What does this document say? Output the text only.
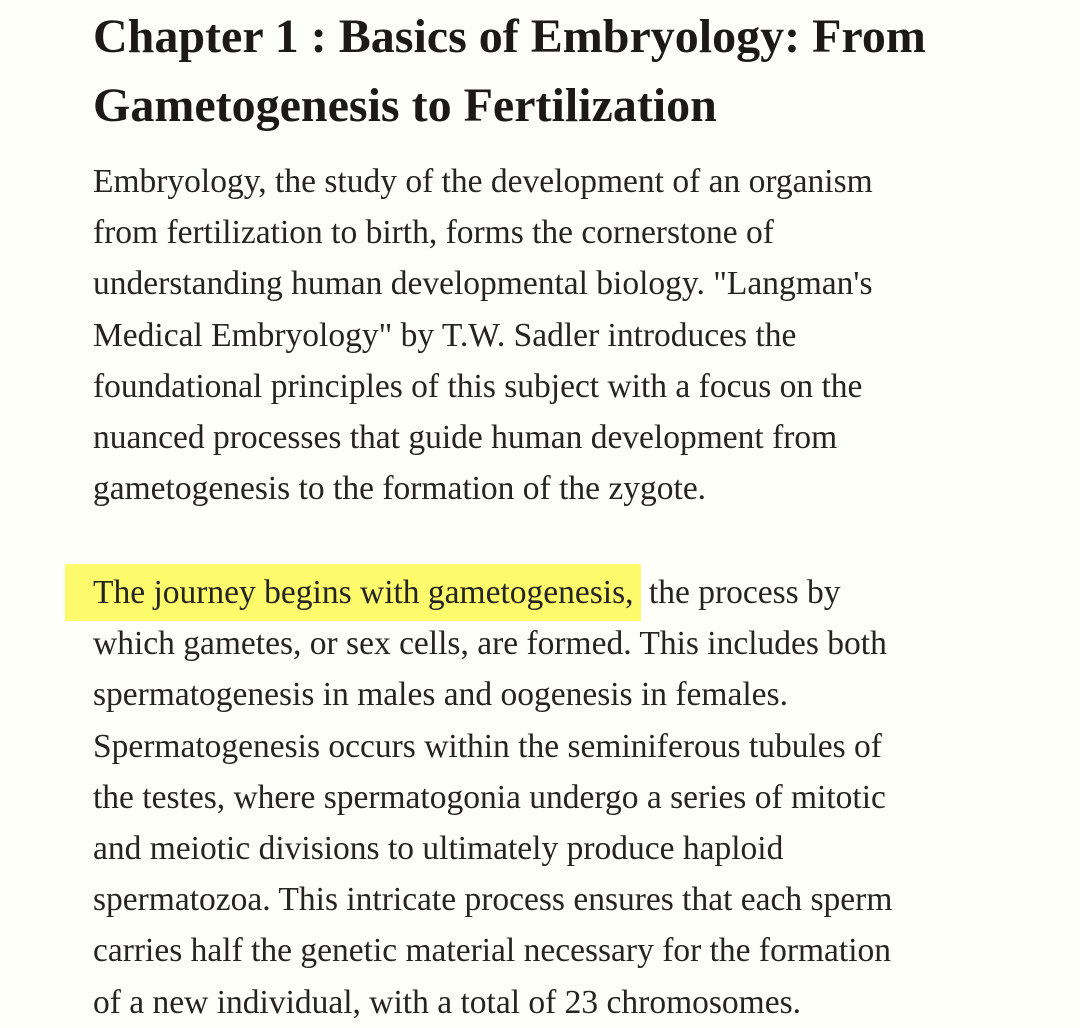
Chapter 1 : Basics of Embryology: From
Gametogenesis to Fertilization
Embryology, the study of the development of an organism
from fertilization to birth, forms the cornerstone of
understanding human developmental biology. "Langman's
Medical Embryology" by T.W. Sadler introduces the
foundational principles of this subject with a focus on the
nuanced processes that guide human development from
gametogenesis to the formation of the zygote.
The journey begins with gametogenesis, the process by
which gametes, or sex cells, are formed. This includes both
spermatogenesis in males and oogenesis in females.
Spermatogenesis occurs within the seminiferous tubules of
the testes, where spermatogonia undergo a series of mitotic
and meiotic divisions to ultimately produce haploid
spermatozoa. This intricate process ensures that each sperm
carries half the genetic material necessary for the formation
of a new individual, with a total of 23 chromosomes.
